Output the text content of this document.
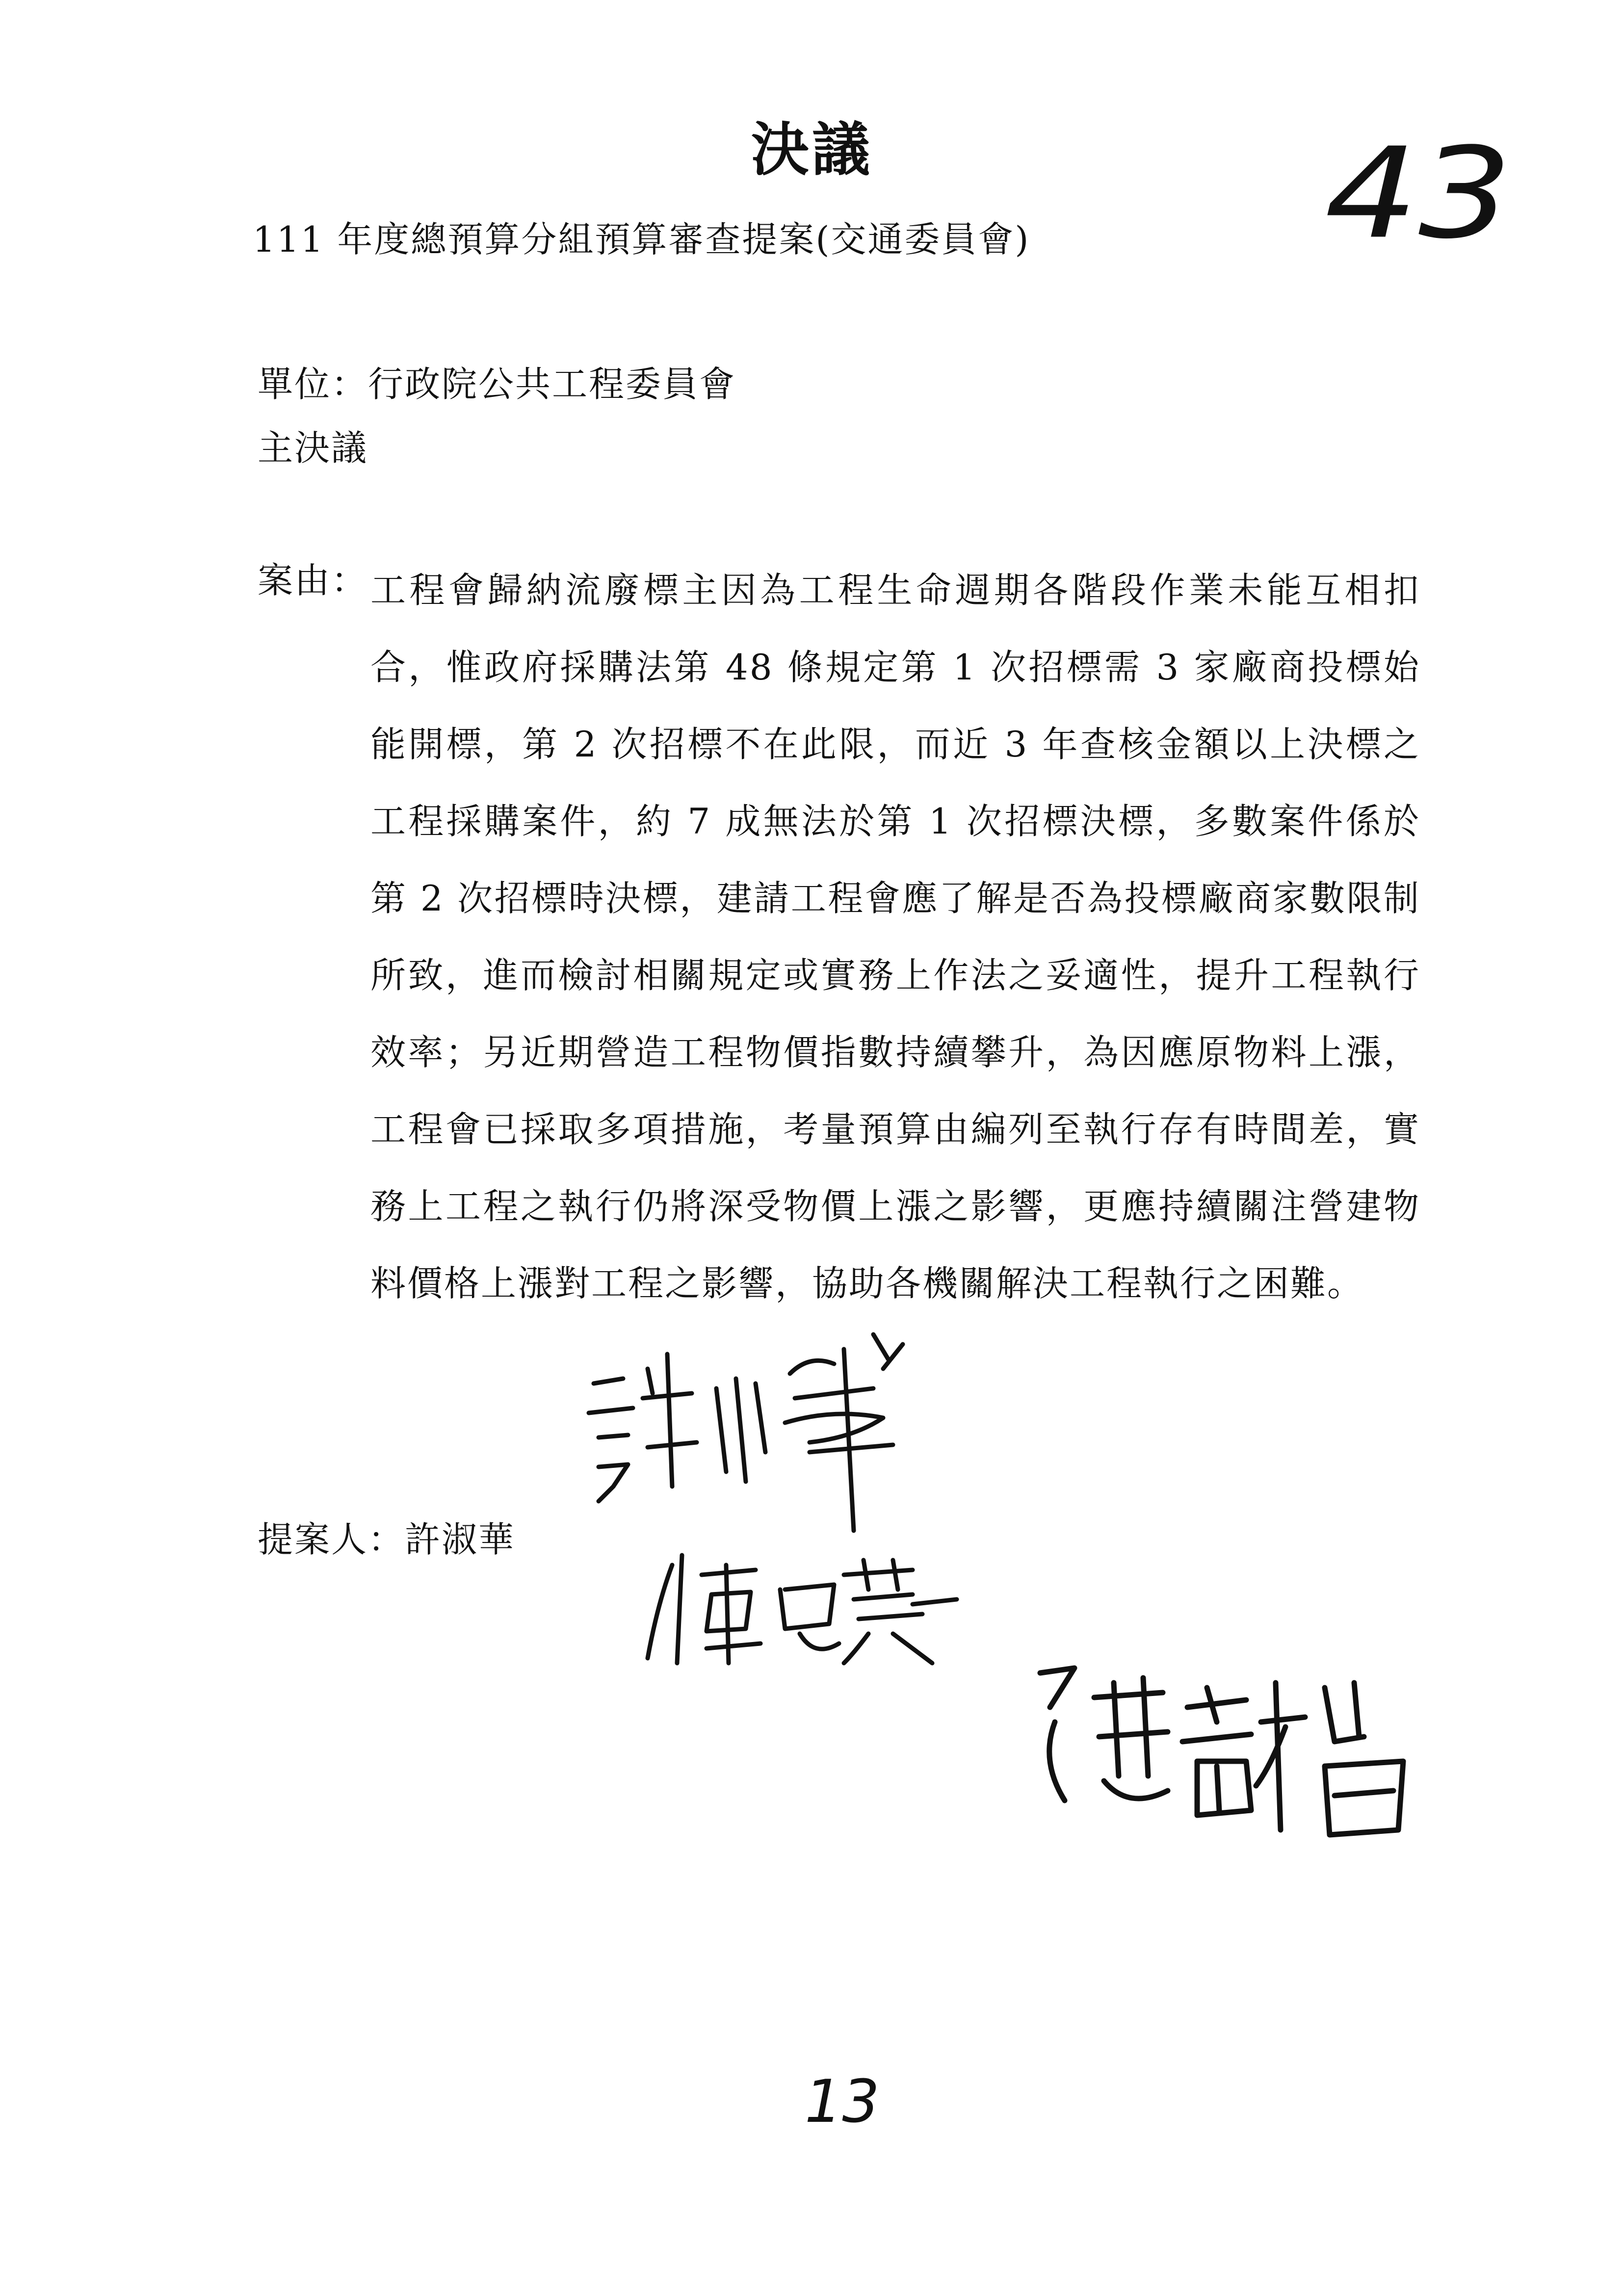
決議	43
111 年度總預算分組預算審查提案(交通委員會)
單位：行政院公共工程委員會
主決議
案由： 工程會歸納流廢標主因為工程生命週期各階段作業未能互相扣合，惟政府採購法第 48 條規定第 1 次招標需 3 家廠商投標始能開標，第 2 次招標不在此限，而近 3 年查核金額以上決標之工程採購案件，約 7 成無法於第 1 次招標決標，多數案件係於第 2 次招標時決標，建請工程會應了解是否為投標廠商家數限制所致，進而檢討相關規定或實務上作法之妥適性，提升工程執行效率；另近期營造工程物價指數持續攀升，為因應原物料上漲，工程會已採取多項措施，考量預算由編列至執行存有時間差，實務上工程之執行仍將深受物價上漲之影響，更應持續關注營建物料價格上漲對工程之影響，協助各機關解決工程執行之困難。
提案人：許淑華
13
